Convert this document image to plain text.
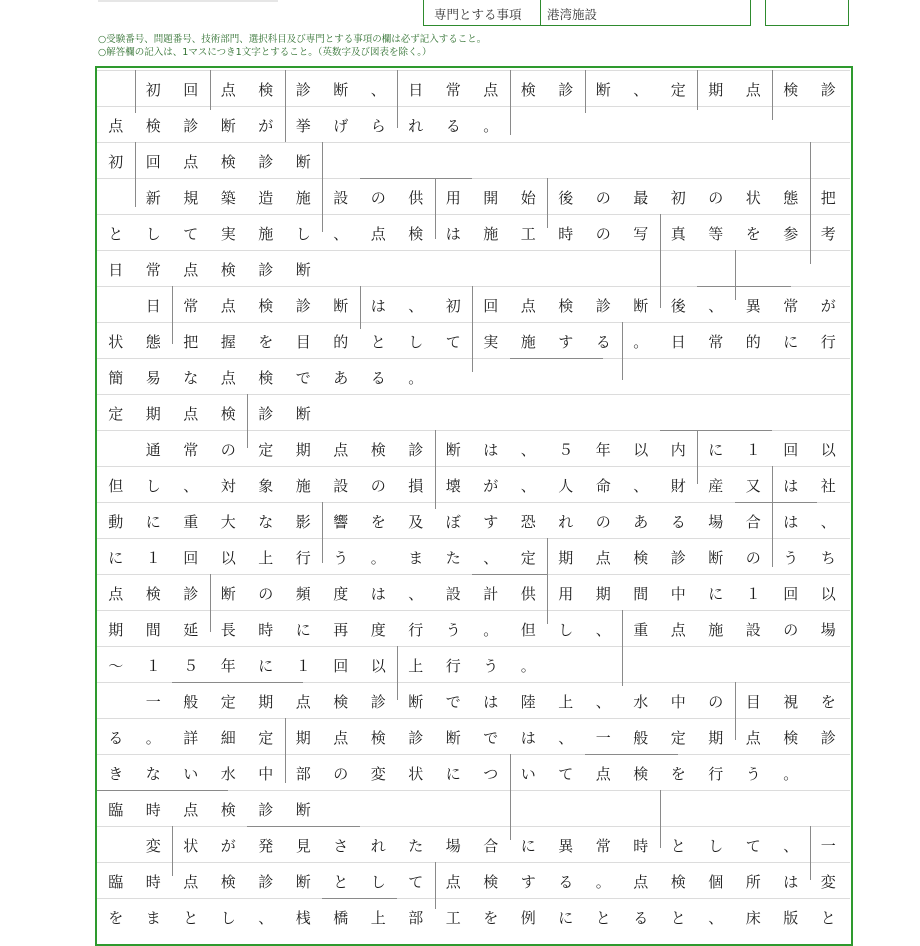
専門とする事項	港湾施設
○受験番号、問題番号、技術部門、選択科目及び専門とする事項の欄は必ず記入すること。
○解答欄の記入は、1マスにつき1文字とすること。（英数字及び図表を除く。）
初	回	点	検	診	断	、	日	常	点	検	診	断	、	定	期	点	検	診
点	検	診	断	が	挙	げ	ら	れ	る	。
初	回	点	検	診	断
新	規	築	造	施	設	の	供	用	開	始	後	の	最	初	の	状	態	把
と	し	て	実	施	し	、	点	検	は	施	工	時	の	写	真	等	を	参	考
日	常	点	検	診	断
日	常	点	検	診	断	は	、	初	回	点	検	診	断	後	、	異	常	が
状	態	把	握	を	目	的	と	し	て	実	施	す	る	。	日	常	的	に	行
簡	易	な	点	検	で	あ	る	。
定	期	点	検	診	断
通	常	の	定	期	点	検	診	断	は	、	５	年	以	内	に	１	回	以
但	し	、	対	象	施	設	の	損	壊	が	、	人	命	、	財	産	又	は	社
動	に	重	大	な	影	響	を	及	ぼ	す	恐	れ	の	あ	る	場	合	は	、
に	１	回	以	上	行	う	。	ま	た	、	定	期	点	検	診	断	の	う	ち
点	検	診	断	の	頻	度	は	、	設	計	供	用	期	間	中	に	１	回	以
期	間	延	長	時	に	再	度	行	う	。	但	し	、	重	点	施	設	の	場
～	１	５	年	に	１	回	以	上	行	う	。
一	般	定	期	点	検	診	断	で	は	陸	上	、	水	中	の	目	視	を
る	。	詳	細	定	期	点	検	診	断	で	は	、	一	般	定	期	点	検	診
き	な	い	水	中	部	の	変	状	に	つ	い	て	点	検	を	行	う	。
臨	時	点	検	診	断
変	状	が	発	見	さ	れ	た	場	合	に	異	常	時	と	し	て	、	一
臨	時	点	検	診	断	と	し	て	点	検	す	る	。	点	検	個	所	は	変
を	ま	と	し	、	桟	橋	上	部	工	を	例	に	と	る	と	、	床	版	と
